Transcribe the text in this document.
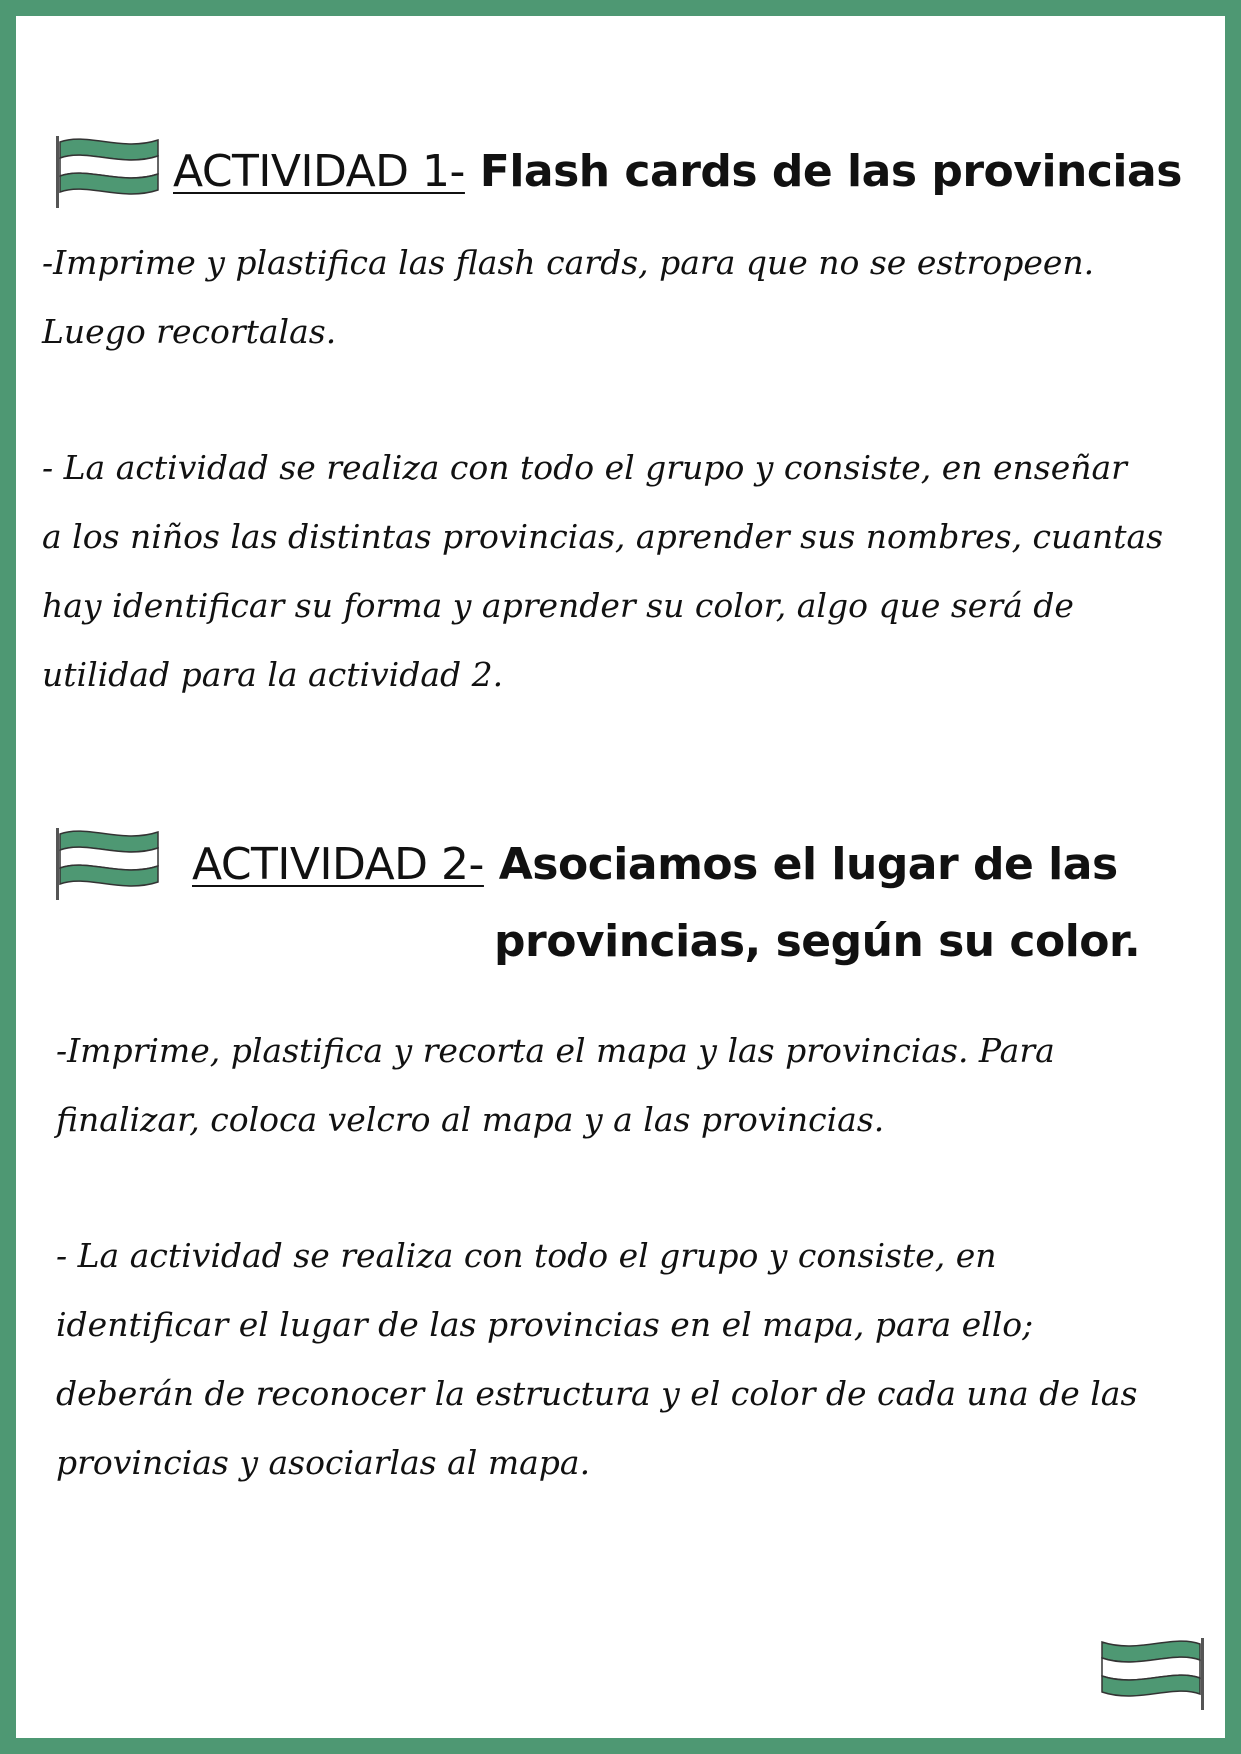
ACTIVIDAD 1- Flash cards de las provincias

-Imprime y plastifica las flash cards, para que no se estropeen.
Luego recortalas.

- La actividad se realiza con todo el grupo y consiste, en enseñar
a los niños las distintas provincias, aprender sus nombres, cuantas
hay identificar su forma y aprender su color, algo que será de
utilidad para la actividad 2.

ACTIVIDAD 2- Asociamos el lugar de las
provincias, según su color.

-Imprime, plastifica y recorta el mapa y las provincias. Para
finalizar, coloca velcro al mapa y a las provincias.

- La actividad se realiza con todo el grupo y consiste, en
identificar el lugar de las provincias en el mapa, para ello;
deberán de reconocer la estructura y el color de cada una de las
provincias y asociarlas al mapa.
